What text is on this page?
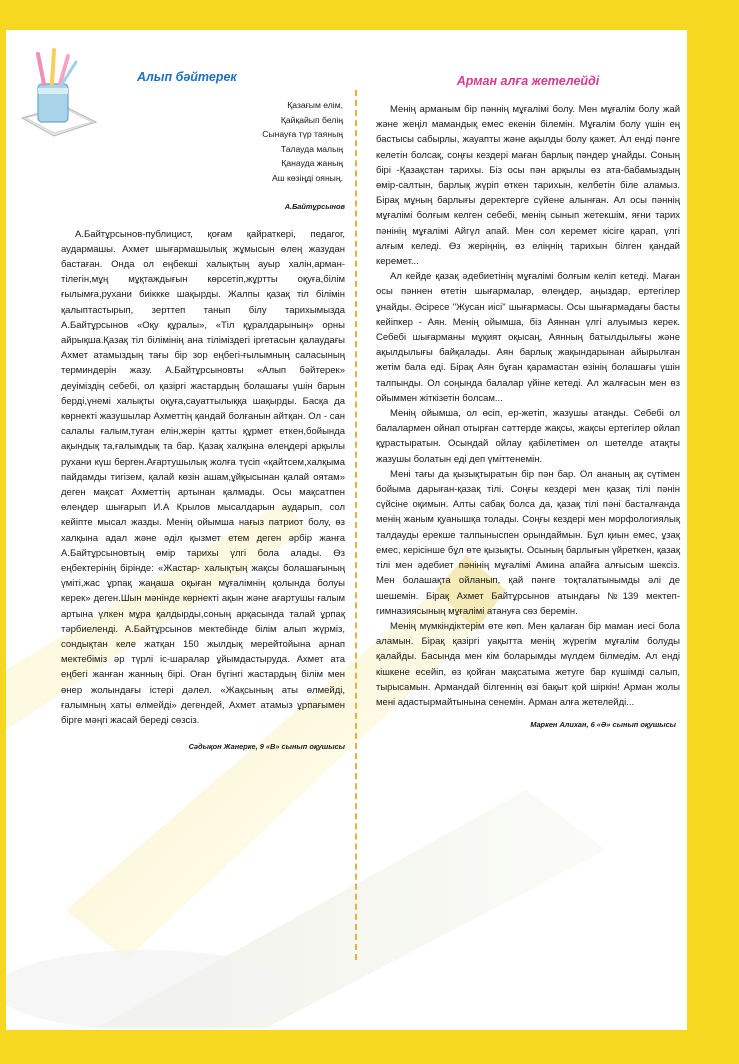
Алып бәйтерек
Қазағым елім,
Қайқайып белің
Сынауға түр таяның
Талауда малың
Қанауда жаның
Аш көзіңді ояның.
А.Байтұрсынов

А.Байтұрсынов-публицист, қоғам қайраткері, педагог, аудармашы. Ахмет шығармашылық жұмысын өлең жазудан бастаған. Онда ол еңбекші халықтың ауыр халін,арман-тілегін,мұң мұқтаждығын көрсетіп,жұртты оқуға,білім ғылымға,рухани биіккке шақырды. Жалпы қазақ тіл білімін қалыптастырып, зерттеп танып білу тарихымызда А.Байтұрсынов «Оқу құралы», «Тіл құралдарының» орны айрықша.Қазақ тіл білімінің ана тіліміздегі іргетасын қалаудағы Ахмет атамыздың тағы бір зор еңбегі-ғылымның саласының терминдерін жазу. А.Байтұрсыновты «Алып бәйтерек» деуіміздің себебі, ол қазіргі жастардың болашағы үшін барын берді,үнемі халықты оқуға,сауаттылыққа шақырды. Басқа да көрнекті жазушылар Ахметтің қандай болғанын айтқан. Ол - сан салалы ғалым,туған елін,жерін қатты құрмет еткен,бойында ақындық та,ғалымдық та бар. Қазақ халқына өлеңдері арқылы рухани күш берген.Ағартушылық жолға түсіп «қайтсем,халқыма пайдамды тигізем, қалай көзін ашам,ұйқысынан қалай оятам» деген мақсат Ахметтің артынан қалмады. Осы мақсатпен өлеңдер шығарып И.А Крылов мысалдарын аударып, сол кейіпте мысал жазды. Менің ойымша нағыз патриот болу, өз халқына адал және әділ қызмет етем деген әрбір жанға А.Байтұрсыновтың өмір тарихы үлгі бола алады. Өз еңбектерінің бірінде: «Жастар- халықтың жақсы болашағының үміті,жас ұрпақ жаңаша оқыған мұғалімнің қолында болуы керек» деген.Шын мәнінде көрнекті ақын және ағартушы ғалым артына үлкен мұра қалдырды,соның арқасында талай ұрпақ тәрбиеленді. А.Байтұрсынов мектебінде білім алып жүрміз, сондықтан келе жатқан 150 жылдық мерейтойына арнап мектебіміз әр түрлі іс-шаралар ұйымдастыруда. Ахмет ата еңбегі жанған жанның бірі. Оған бүгінгі жастардың білім мен өнер жолындағы істері дәлел. «Жақсының аты өлмейді, ғалымның хаты өлмейді» дегендей, Ахмет атамыз ұрпағымен бірге мәңгі жасай береді сөзсіз.

Сәдықон Жанерке, 9 «В» сынып оқушысы
Арман алға жетелейді

Менің арманым бір пәннің мұғалімі болу. Мен мұғалім болу жай және жеңіл мамандық емес екенін білемін. Мұғалім болу үшін ең бастысы сабырлы, жауапты және ақылды болу қажет. Ал енді пәнге келетін болсақ, соңғы кездері маған барлық пәндер ұнайды. Соның бірі -Қазақстан тарихы. Біз осы пән арқылы өз ата-бабамыздың өмір-салтын, барлық жүріп өткен тарихын, келбетін біле аламыз. Бірақ мұның барлығы деректерге сүйене алынған. Ал осы пәннің мұғалімі болғым келген себебі, менің сынып жетекшім, яғни тарих пәнінің мұғалімі Айгүл апай. Мен сол керемет кісіге қарап, үлгі алғым келеді. Өз жеріңнің, өз еліңнің тарихын білген қандай керемет...

Ал кейде қазақ әдебиетінің мұғалімі болғым келіп кетеді. Маған осы пәннен өтетін шығармалар, өлеңдер, аңыздар, ертегілер ұнайды. Әсіресе "Жусан иісі" шығармасы. Осы шығармадағы басты кейіпкер - Аян. Менің ойымша, біз Аяннан үлгі алуымыз керек. Себебі шығарманы мұқият оқысаң, Аянның батылдылығы және ақылдылығы байқалады. Аян барлық жақындарынан айырылған жетім бала еді. Бірақ Аян бұған қарамастан өзінің болашағы үшін талпынды. Ол соңында балалар үйіне кетеді. Ал жалғасын мен өз ойыммен жіткізетін болсам...

Менің ойымша, ол өсіп, ер-жетіп, жазушы атанды. Себебі ол балалармен ойнап отырған сәттерде жақсы, жақсы ертегілер ойлап құрастыратын. Осындай ойлау қабілетімен ол шетелде атақты жазушы болатын еді деп үміттенемін.

Мені тағы да қызықтыратын бір пән бар. Ол ананың ақ сүтімен бойыма дарыған-қазақ тілі. Соңғы кездері мен қазақ тілі пәнін сүйсіне оқимын. Алты сабақ болса да, қазақ тілі пәні басталғанда менің жаным қуанышқа толады. Соңғы кездері мен морфологиялық талдауды ерекше талпыныспен орындаймын. Бұл қиын емес, ұзақ емес, керісінше бұл өте қызықты. Осының барлығын үйреткен, қазақ тілі мен әдебиет пәнінің мұғалімі Амина апайға алғысым шексіз. Мен болашақта ойланып, қай пәнге тоқталатынымды әлі де шешемін. Бірақ Ахмет Байтұрсынов атындағы №139 мектеп- гимназиясының мұғалімі атануға сөз беремін.

Менің мүмкіндіктерім өте көп. Мен қалаған бір маман иесі бола аламын. Бірақ қазіргі уақытта менің жүрегім мұғалім болуды қалайды. Басында мен кім боларымды мүлдем білмедім. Ал енді кішкене есейіп, өз қойған мақсатыма жетуге бар күшімді салып, тырысамын. Армандай білгеннің өзі бақыт қой шіркін! Арман жолы мені адастырмайтынына сенемін. Арман алға жетелейді...

Маркен Алихан, 6 «Ә» сынып оқушысы
